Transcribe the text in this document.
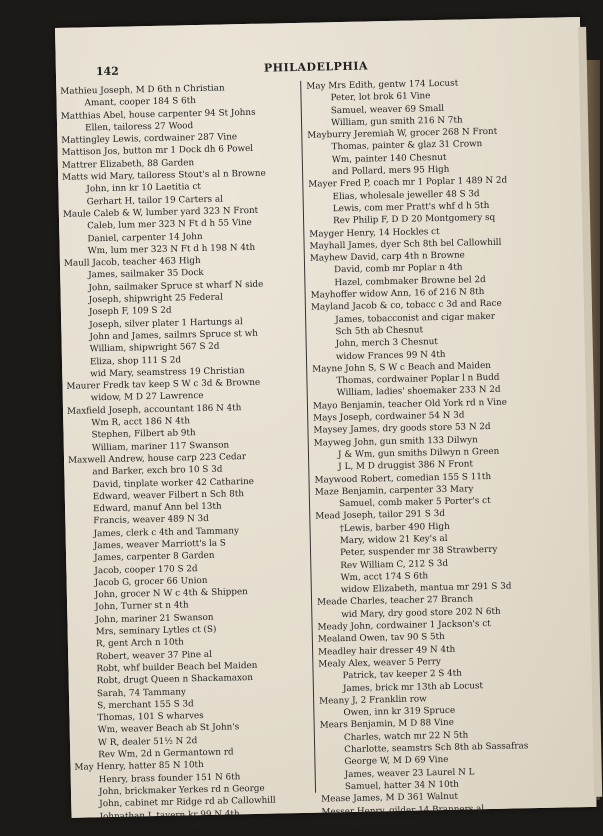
142	PHILADELPHIA
Mathieu Joseph, M D 6th n Christian
Amant, cooper 184 S 6th
Matthias Abel, house carpenter 94 St Johns
Ellen, tailoress 27 Wood
Mattingley Lewis, cordwainer 287 Vine
Mattison Jos, button mr 1 Dock dh 6 Powel
Mattrer Elizabeth, 88 Garden
Matts wid Mary, tailoress Stout's al n Browne
John, inn kr 10 Laetitia ct
Gerhart H, tailor 19 Carters al
Maule Caleb & W, lumber yard 323 N Front
Caleb, lum mer 323 N Ft d h 55 Vine
Daniel, carpenter 14 John
Wm, lum mer 323 N Ft d h 198 N 4th
Maull Jacob, teacher 463 High
James, sailmaker 35 Dock
John, sailmaker Spruce st wharf N side
Joseph, shipwright 25 Federal
Joseph F, 109 S 2d
Joseph, silver plater 1 Hartungs al
John and James, sailmrs Spruce st wh
William, shipwright 567 S 2d
Eliza, shop 111 S 2d
wid Mary, seamstress 19 Christian
Maurer Fredk tav keep S W c 3d & Browne
widow, M D 27 Lawrence
Maxfield Joseph, accountant 186 N 4th
Wm R, acct 186 N 4th
Stephen, Filbert ab 9th
William, mariner 117 Swanson
Maxwell Andrew, house carp 223 Cedar
and Barker, exch bro 10 S 3d
David, tinplate worker 42 Catharine
Edward, weaver Filbert n Sch 8th
Edward, manuf Ann bel 13th
Francis, weaver 489 N 3d
James, clerk c 4th and Tammany
James, weaver Marriott's la S
James, carpenter 8 Garden
Jacob, cooper 170 S 2d
Jacob G, grocer 66 Union
John, grocer N W c 4th & Shippen
John, Turner st n 4th
John, mariner 21 Swanson
Mrs, seminary Lytles ct (S)
R, gent Arch n 10th
Robert, weaver 37 Pine al
Robt, whf builder Beach bel Maiden
Robt, drugt Queen n Shackamaxon
Sarah, 74 Tammany
S, merchant 155 S 3d
Thomas, 101 S wharves
Wm, weaver Beach ab St John's
W R, dealer 51½ N 2d
Rev Wm, 2d n Germantown rd
May Henry, hatter 85 N 10th
Henry, brass founder 151 N 6th
John, brickmaker Yerkes rd n George
John, cabinet mr Ridge rd ab Callowhill
Johnathan J, tavern kr 99 N 4th
Lewis, house carp Nonnater's ct
May Mrs Edith, gentw 174 Locust
Peter, lot brok 61 Vine
Samuel, weaver 69 Small
William, gun smith 216 N 7th
Mayburry Jeremiah W, grocer 268 N Front
Thomas, painter & glaz 31 Crown
Wm, painter 140 Chesnut
and Pollard, mers 95 High
Mayer Fred P, coach mr 1 Poplar 1 489 N 2d
Elias, wholesale jeweller 48 S 3d
Lewis, com mer Pratt's whf d h 5th
Rev Philip F, D D 20 Montgomery sq
Mayger Henry, 14 Hockles ct
Mayhall James, dyer Sch 8th bel Callowhill
Mayhew David, carp 4th n Browne
David, comb mr Poplar n 4th
Hazel, combmaker Browne bel 2d
Mayhoffer widow Ann, 16 of 216 N 8th
Mayland Jacob & co, tobacc c 3d and Race
James, tobacconist and cigar maker
Sch 5th ab Chesnut
John, merch 3 Chesnut
widow Frances 99 N 4th
Mayne John S, S W c Beach and Maiden
Thomas, cordwainer Poplar l n Budd
William, ladies' shoemaker 233 N 2d
Mayo Benjamin, teacher Old York rd n Vine
Mays Joseph, cordwainer 54 N 3d
Maysey James, dry goods store 53 N 2d
Mayweg John, gun smith 133 Dilwyn
J & Wm, gun smiths Dilwyn n Green
J L, M D druggist 386 N Front
Maywood Robert, comedian 155 S 11th
Maze Benjamin, carpenter 33 Mary
Samuel, comb maker 5 Porter's ct
Mead Joseph, tailor 291 S 3d
†Lewis, barber 490 High
Mary, widow 21 Key's al
Peter, suspender mr 38 Strawberry
Rev William C, 212 S 3d
Wm, acct 174 S 6th
widow Elizabeth, mantua mr 291 S 3d
Meade Charles, teacher 27 Branch
wid Mary, dry good store 202 N 6th
Meady John, cordwainer 1 Jackson's ct
Mealand Owen, tav 90 S 5th
Meadley hair dresser 49 N 4th
Mealy Alex, weaver 5 Perry
Patrick, tav keeper 2 S 4th
James, brick mr 13th ab Locust
Meany J, 2 Franklin row
Owen, inn kr 319 Spruce
Mears Benjamin, M D 88 Vine
Charles, watch mr 22 N 5th
Charlotte, seamstrs Sch 8th ab Sassafras
George W, M D 69 Vine
James, weaver 23 Laurel N L
Samuel, hatter 34 N 10th
Mease James, M D 361 Walnut
Messer Henry, gilder 14 Branners al
Philip, japanner 207 Green
